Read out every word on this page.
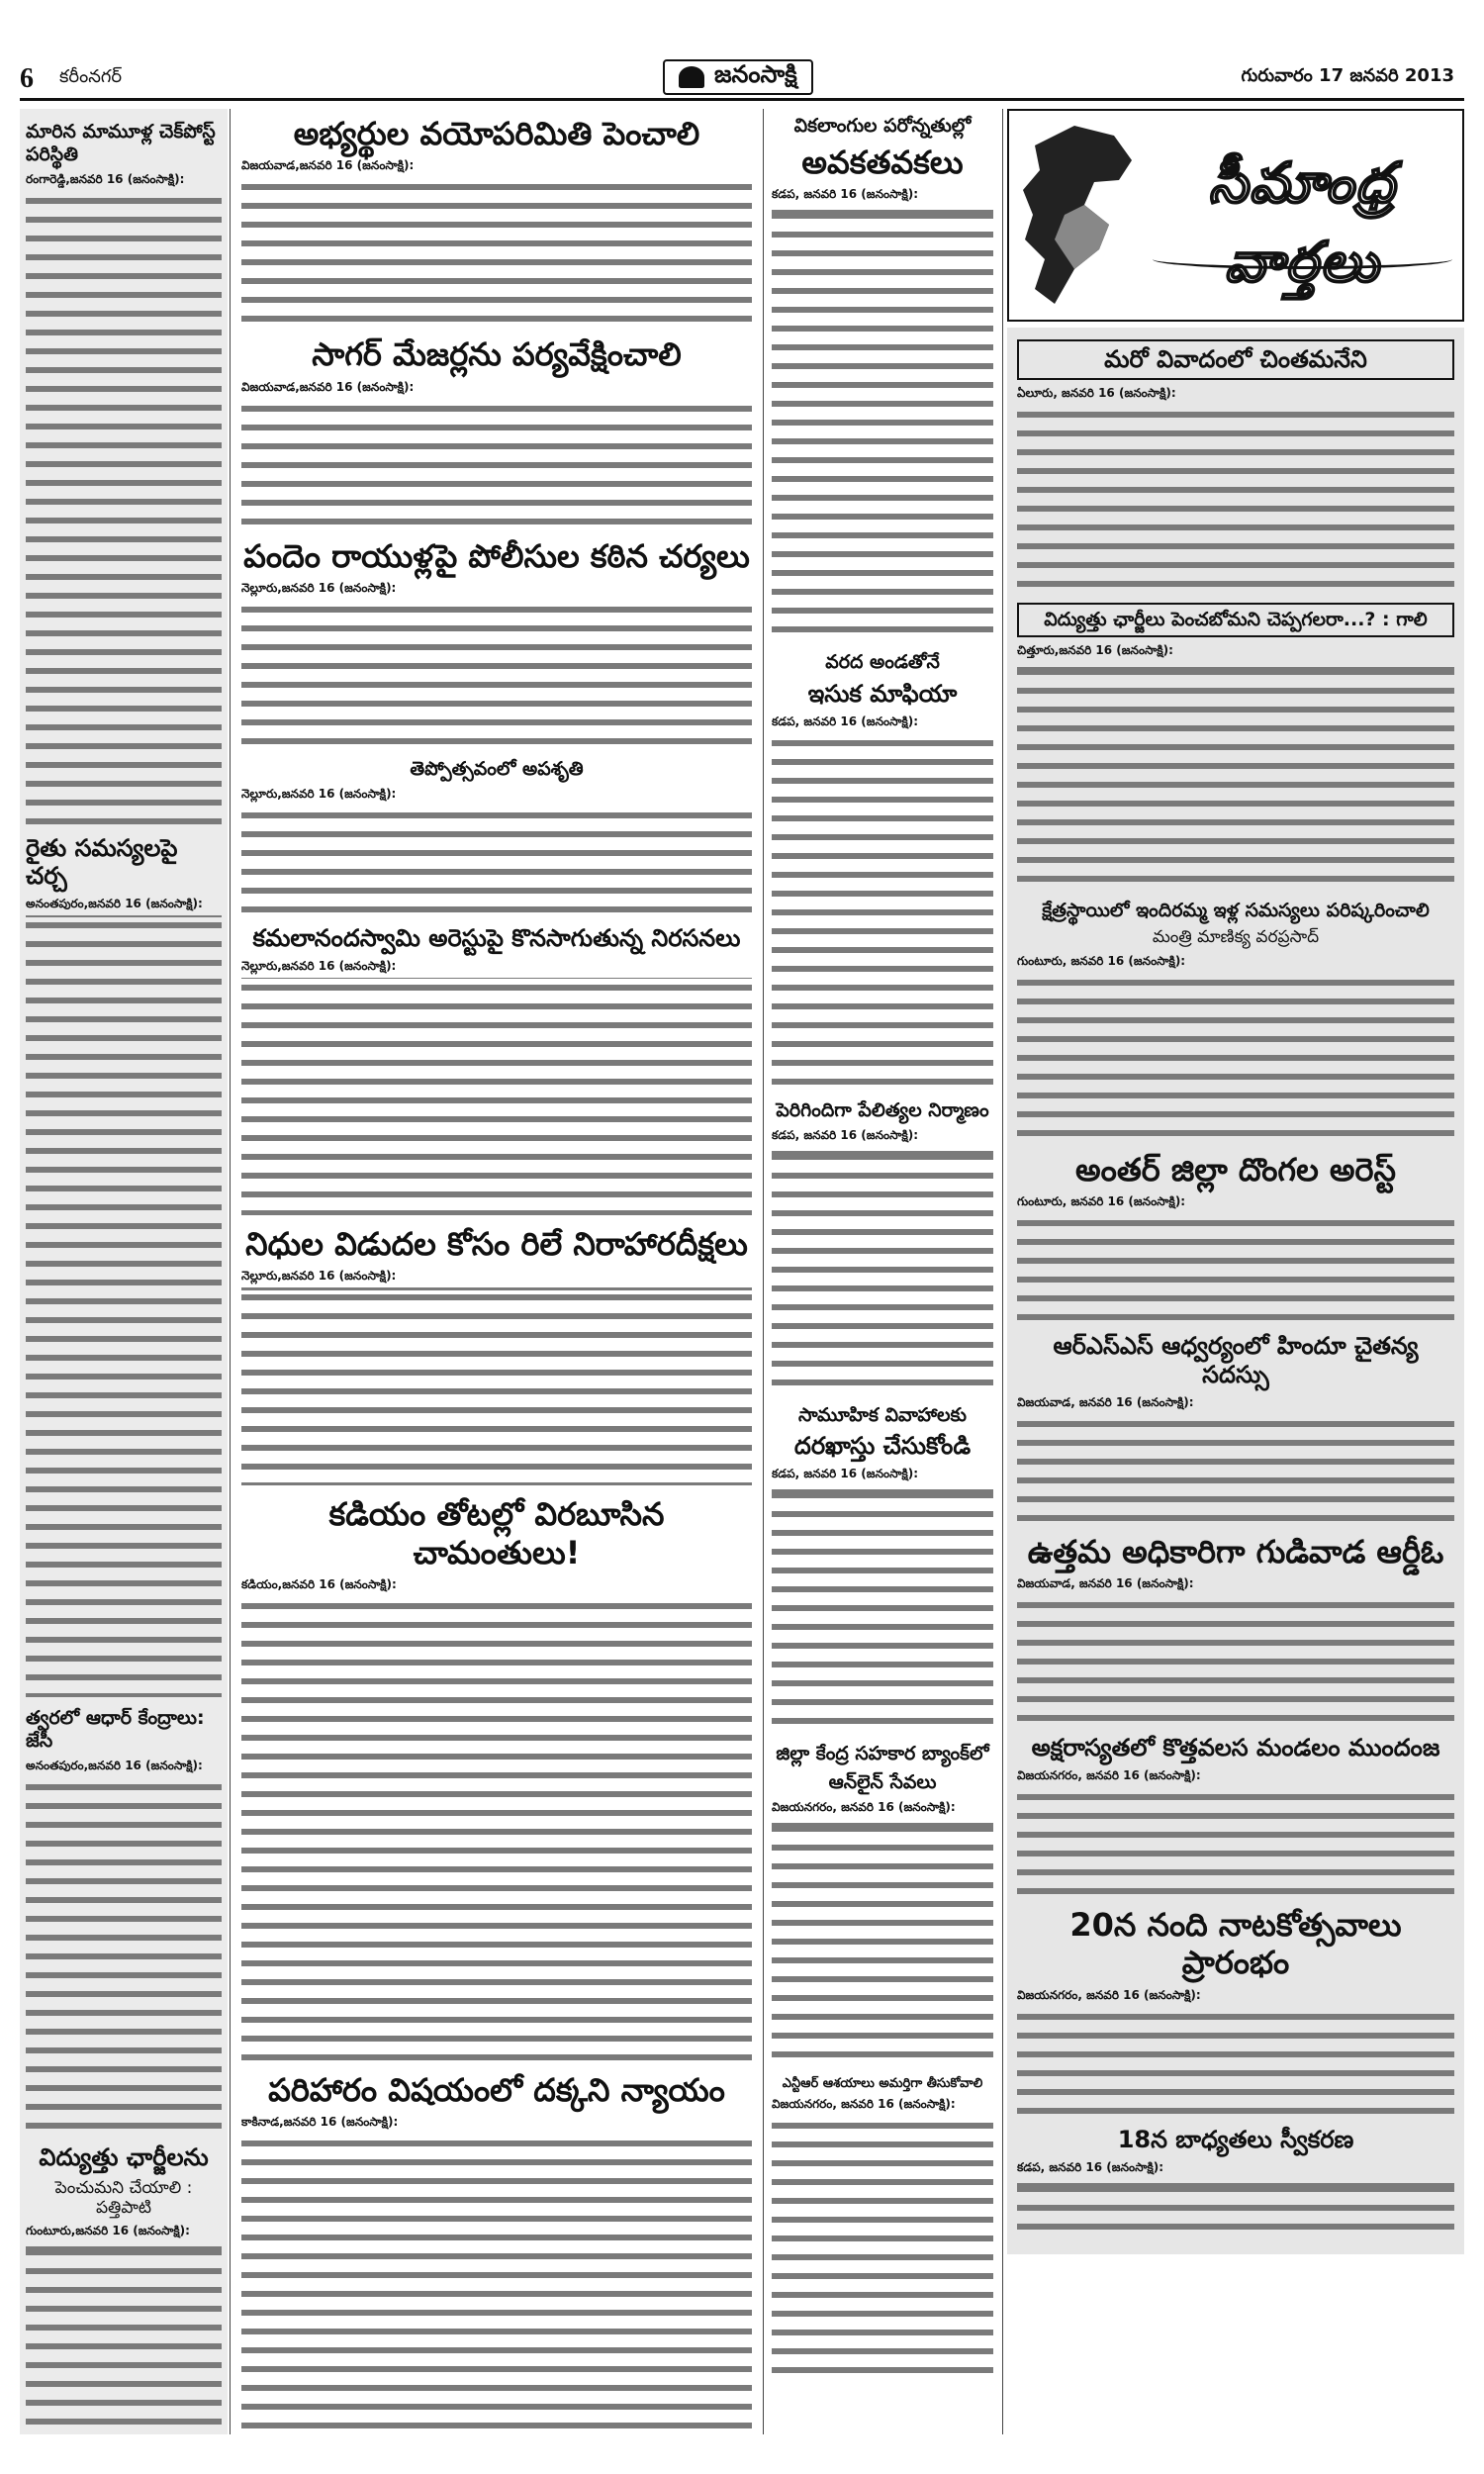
6	కరీంనగర్	జనంసాక్షి	గురువారం 17 జనవరి 2013
మారిన మామూళ్ల చెక్‌పోస్ట్ పరిస్థితి
రంగారెడ్డి,జనవరి 16 (జనంసాక్షి):
రైతు సమస్యలపై చర్చ
అనంతపురం,జనవరి 16 (జనంసాక్షి):
త్వరలో ఆధార్ కేంద్రాలు: జేసీ
అనంతపురం,జనవరి 16 (జనంసాక్షి):
విద్యుత్తు ఛార్జీలను
పెంచుమని చేయాలి : పత్తిపాటి
గుంటూరు,జనవరి 16 (జనంసాక్షి):
అభ్యర్థుల వయోపరిమితి పెంచాలి
విజయవాడ,జనవరి 16 (జనంసాక్షి):
సాగర్ మేజర్లను పర్యవేక్షించాలి
విజయవాడ,జనవరి 16 (జనంసాక్షి):
పందెం రాయుళ్లపై పోలీసుల కఠిన చర్యలు
నెల్లూరు,జనవరి 16 (జనంసాక్షి):
తెప్పోత్సవంలో అపశృతి
నెల్లూరు,జనవరి 16 (జనంసాక్షి):
కమలానందస్వామి అరెస్టుపై కొనసాగుతున్న నిరసనలు
నెల్లూరు,జనవరి 16 (జనంసాక్షి):
నిధుల విడుదల కోసం రిలే నిరాహారదీక్షలు
నెల్లూరు,జనవరి 16 (జనంసాక్షి):
కడియం తోటల్లో విరబూసిన చామంతులు!
కడియం,జనవరి 16 (జనంసాక్షి):
పరిహారం విషయంలో దక్కని న్యాయం
కాకినాడ,జనవరి 16 (జనంసాక్షి):
వికలాంగుల పరోన్నతుల్లో
అవకతవకలు
కడప, జనవరి 16 (జనంసాక్షి):
వరద అండతోనే
ఇసుక మాఫియా
కడప, జనవరి 16 (జనంసాక్షి):
పెరిగిందిగా పేలిత్యల నిర్మాణం
కడప, జనవరి 16 (జనంసాక్షి):
సామూహిక వివాహాలకు
దరఖాస్తు చేసుకోండి
కడప, జనవరి 16 (జనంసాక్షి):
జిల్లా కేంద్ర సహకార బ్యాంక్‌లో
ఆన్‌లైన్ సేవలు
విజయనగరం, జనవరి 16 (జనంసాక్షి):
ఎన్టీఆర్ ఆశయాలు అమర్తిగా తీసుకోవాలి
విజయనగరం, జనవరి 16 (జనంసాక్షి):
సీమాంధ్ర వార్తలు
మరో వివాదంలో చింతమనేని
ఏలూరు, జనవరి 16 (జనంసాక్షి):
విద్యుత్తు ఛార్జీలు పెంచబోమని చెప్పగలరా...? : గాలి
చిత్తూరు,జనవరి 16 (జనంసాక్షి):
క్షేత్రస్థాయిలో ఇందిరమ్మ ఇళ్ల సమస్యలు పరిష్కరించాలి
మంత్రి మాణిక్య వరప్రసాద్
గుంటూరు, జనవరి 16 (జనంసాక్షి):
అంతర్ జిల్లా దొంగల అరెస్ట్
గుంటూరు, జనవరి 16 (జనంసాక్షి):
ఆర్ఎస్ఎస్ ఆధ్వర్యంలో హిందూ చైతన్య సదస్సు
విజయవాడ, జనవరి 16 (జనంసాక్షి):
ఉత్తమ అధికారిగా గుడివాడ ఆర్డీఓ
విజయవాడ, జనవరి 16 (జనంసాక్షి):
అక్షరాస్యతలో కొత్తవలస మండలం ముందంజ
విజయనగరం, జనవరి 16 (జనంసాక్షి):
20న నంది నాటకోత్సవాలు ప్రారంభం
విజయనగరం, జనవరి 16 (జనంసాక్షి):
18న బాధ్యతలు స్వీకరణ
కడప, జనవరి 16 (జనంసాక్షి):
